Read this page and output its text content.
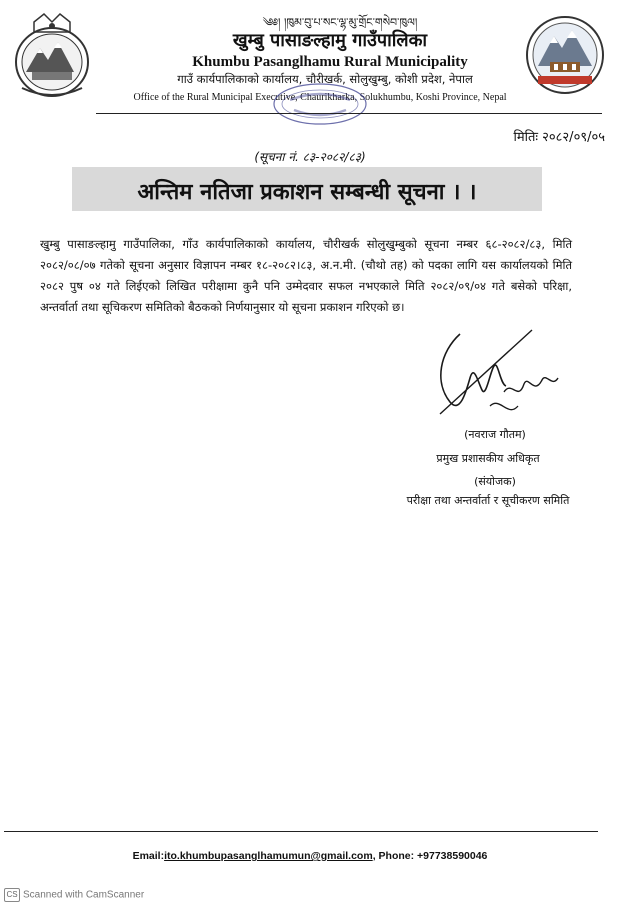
༄༅། །ཁུམ་བུ་པ་སང་ལྷ་མུ་གྲོང་གསེབ་ཁུལ།
खुम्बु पासाङल्हामु गाउँपालिका
Khumbu Pasanglhamu Rural Municipality
गाउँ कार्यपालिकाको कार्यालय, चौरीखर्क, सोलुखुम्बु, कोशी प्रदेश, नेपाल
Office of the Rural Municipal Executive, Chaurikharka, Solukhumbu, Koshi Province, Nepal
मितिः २०८२/०९/०५
(सूचना नं. ८३-२०८२/८३)
अन्तिम नतिजा प्रकाशन सम्बन्धी सूचना । ।

खुम्बु पासाङल्हामु गाउँपालिका, गाँउ कार्यपालिकाको कार्यालय, चौरीखर्क सोलुखुम्बुको सूचना नम्बर ६८-२०८२/८३, मिति २०८२/०८/०७ गतेको सूचना अनुसार विज्ञापन नम्बर १८-२०८२।८३, अ.न.मी. (चौथो तह) को पदका लागि यस कार्यालयको मिति २०८२ पुष ०४ गते लिईएको लिखित परीक्षामा कुनै पनि उम्मेदवार सफल नभएकाले मिति २०८२/०९/०४ गते बसेको परिक्षा, अन्तर्वार्ता तथा सूचिकरण समितिको बैठकको निर्णयानुसार यो सूचना प्रकाशन गरिएको छ।

(नवराज गौतम)
प्रमुख प्रशासकीय अधिकृत
(संयोजक)
परीक्षा तथा अन्तर्वार्ता र सूचीकरण समिति
Email:ito.khumbupasanglhamumun@gmail.com, Phone: +97738590046
CS Scanned with CamScanner
